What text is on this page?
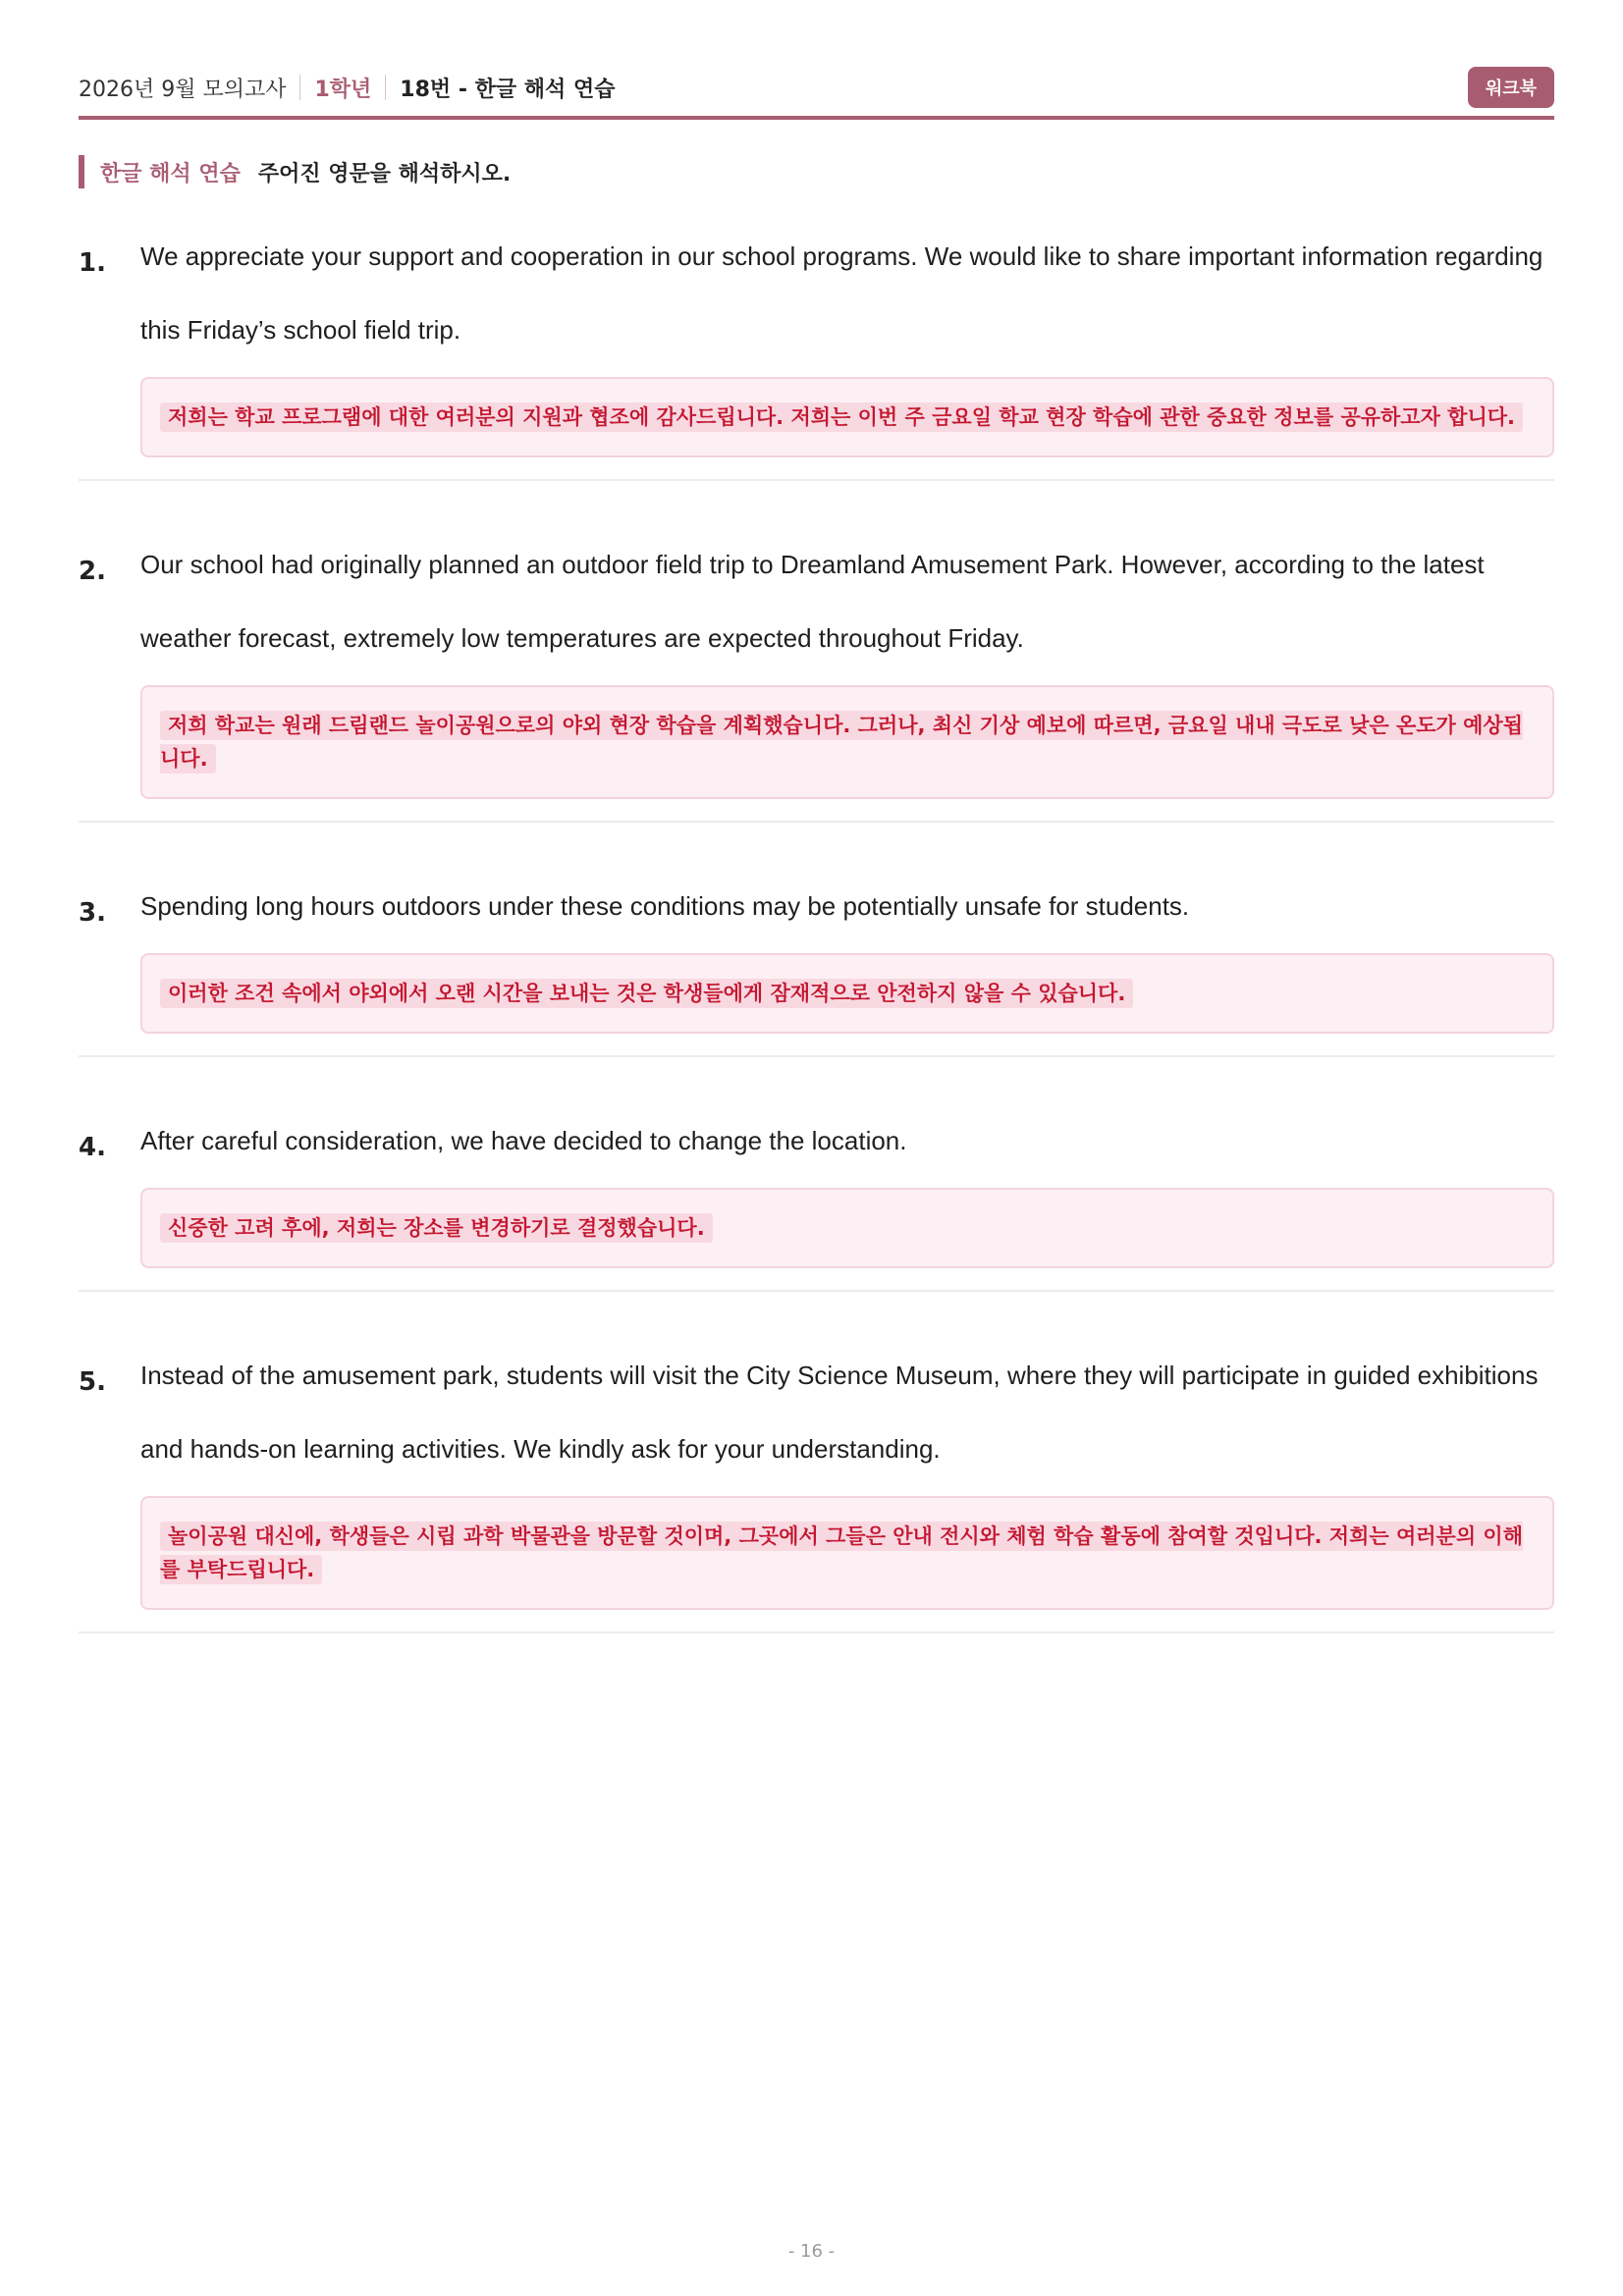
2026년 9월 모의고사 1학년 18번 - 한글 해석 연습	워크북
한글 해석 연습 주어진 영문을 해석하시오.
1.	We appreciate your support and cooperation in our school programs. We would like to share important information regarding this Friday’s school field trip.
저희는 학교 프로그램에 대한 여러분의 지원과 협조에 감사드립니다. 저희는 이번 주 금요일 학교 현장 학습에 관한 중요한 정보를 공유하고자 합니다.
2.	Our school had originally planned an outdoor field trip to Dreamland Amusement Park. However, according to the latest weather forecast, extremely low temperatures are expected throughout Friday.
저희 학교는 원래 드림랜드 놀이공원으로의 야외 현장 학습을 계획했습니다. 그러나, 최신 기상 예보에 따르면, 금요일 내내 극도로 낮은 온도가 예상됩니다.
3.	Spending long hours outdoors under these conditions may be potentially unsafe for students.
이러한 조건 속에서 야외에서 오랜 시간을 보내는 것은 학생들에게 잠재적으로 안전하지 않을 수 있습니다.
4.	After careful consideration, we have decided to change the location.
신중한 고려 후에, 저희는 장소를 변경하기로 결정했습니다.
5.	Instead of the amusement park, students will visit the City Science Museum, where they will participate in guided exhibitions and hands-on learning activities. We kindly ask for your understanding.
놀이공원 대신에, 학생들은 시립 과학 박물관을 방문할 것이며, 그곳에서 그들은 안내 전시와 체험 학습 활동에 참여할 것입니다. 저희는 여러분의 이해를 부탁드립니다.
- 16 -
